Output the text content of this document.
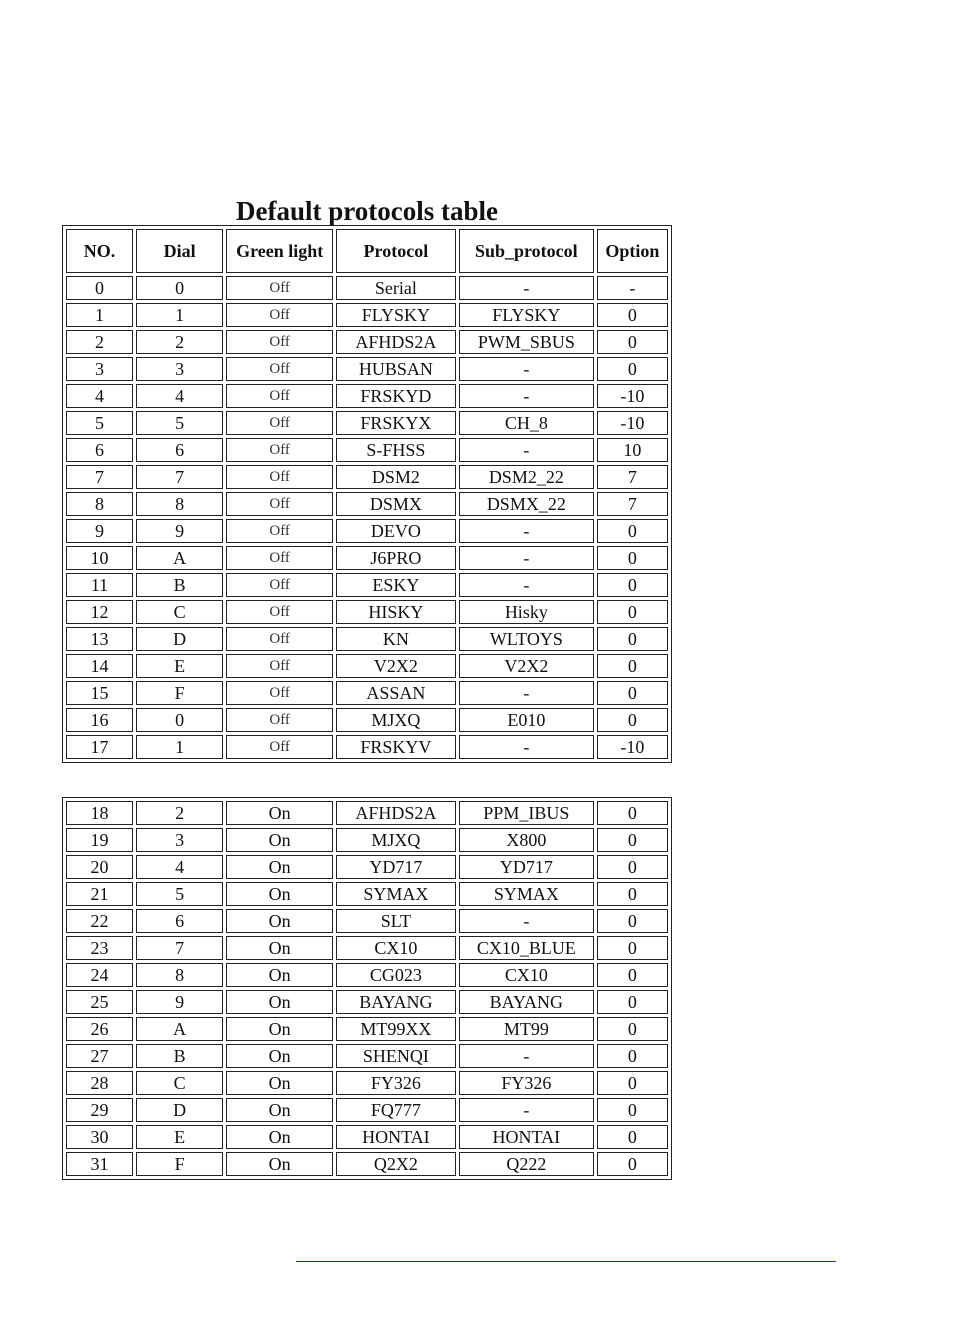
Default protocols table
NO.	Dial	Green light	Protocol	Sub_protocol	Option
0	0	Off	Serial	-	-
1	1	Off	FLYSKY	FLYSKY	0
2	2	Off	AFHDS2A	PWM_SBUS	0
3	3	Off	HUBSAN	-	0
4	4	Off	FRSKYD	-	-10
5	5	Off	FRSKYX	CH_8	-10
6	6	Off	S-FHSS	-	10
7	7	Off	DSM2	DSM2_22	7
8	8	Off	DSMX	DSMX_22	7
9	9	Off	DEVO	-	0
10	A	Off	J6PRO	-	0
11	B	Off	ESKY	-	0
12	C	Off	HISKY	Hisky	0
13	D	Off	KN	WLTOYS	0
14	E	Off	V2X2	V2X2	0
15	F	Off	ASSAN	-	0
16	0	Off	MJXQ	E010	0
17	1	Off	FRSKYV	-	-10
18	2	On	AFHDS2A	PPM_IBUS	0
19	3	On	MJXQ	X800	0
20	4	On	YD717	YD717	0
21	5	On	SYMAX	SYMAX	0
22	6	On	SLT	-	0
23	7	On	CX10	CX10_BLUE	0
24	8	On	CG023	CX10	0
25	9	On	BAYANG	BAYANG	0
26	A	On	MT99XX	MT99	0
27	B	On	SHENQI	-	0
28	C	On	FY326	FY326	0
29	D	On	FQ777	-	0
30	E	On	HONTAI	HONTAI	0
31	F	On	Q2X2	Q222	0
